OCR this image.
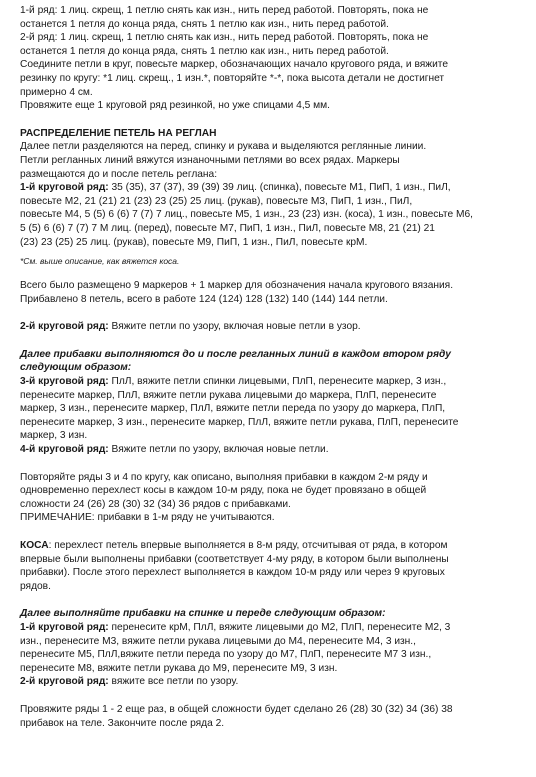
1-й ряд: 1 лиц. скрещ, 1 петлю снять как изн., нить перед работой. Повторять, пока не
останется 1 петля до конца ряда, снять 1 петлю как изн., нить перед работой.
2-й ряд: 1 лиц. скрещ, 1 петлю снять как изн., нить перед работой. Повторять, пока не
останется 1 петля до конца ряда, снять 1 петлю как изн., нить перед работой.
Соедините петли в круг, повесьте маркер, обозначающих начало кругового ряда, и вяжите
резинку по кругу: *1 лиц. скрещ., 1 изн.*, повторяйте *-*, пока высота детали не достигнет
примерно 4 см.
Провяжите еще 1 круговой ряд резинкой, но уже спицами 4,5 мм.
РАСПРЕДЕЛЕНИЕ ПЕТЕЛЬ НА РЕГЛАН
Далее петли разделяются на перед, спинку и рукава и выделяются реглянные линии.
Петли регланных линий вяжутся изнаночными петлями во всех рядах. Маркеры
размещаются до и после петель реглана:
1-й круговой ряд: 35 (35), 37 (37), 39 (39) 39 лиц. (спинка), повесьте М1, ПиП, 1 изн., ПиЛ,
повесьте М2, 21 (21) 21 (23) 23 (25) 25 лиц. (рукав), повесьте М3, ПиП, 1 изн., ПиЛ,
повесьте М4, 5 (5) 6 (6) 7 (7) 7 лиц., повесьте М5, 1 изн., 23 (23) изн. (коса), 1 изн., повесьте М6,
5 (5) 6 (6) 7 (7) 7 М лиц. (перед), повесьте М7, ПиП, 1 изн., ПиЛ, повесьте М8, 21 (21) 21
(23) 23 (25) 25 лиц. (рукав), повесьте М9, ПиП, 1 изн., ПиЛ, повесьте крМ.
*См. выше описание, как вяжется коса.
Всего было размещено 9 маркеров + 1 маркер для обозначения начала кругового вязания.
Прибавлено 8 петель, всего в работе 124 (124) 128 (132) 140 (144) 144 петли.
2-й круговой ряд: Вяжите петли по узору, включая новые петли в узор.
Далее прибавки выполняются до и после регланных линий в каждом втором ряду
следующим образом:
3-й круговой ряд: ПлЛ, вяжите петли спинки лицевыми, ПлП, перенесите маркер, 3 изн.,
перенесите маркер, ПлЛ, вяжите петли рукава лицевыми до маркера, ПлП, перенесите
маркер, 3 изн., перенесите маркер, ПлЛ, вяжите петли переда по узору до маркера, ПлП,
перенесите маркер, 3 изн., перенесите маркер, ПлЛ, вяжите петли рукава, ПлП, перенесите
маркер, 3 изн.
4-й круговой ряд: Вяжите петли по узору, включая новые петли.
Повторяйте ряды 3 и 4 по кругу, как описано, выполняя прибавки в каждом 2-м ряду и
одновременно перехлест косы в каждом 10-м ряду, пока не будет провязано в общей
сложности 24 (26) 28 (30) 32 (34) 36 рядов с прибавками.
ПРИМЕЧАНИЕ: прибавки в 1-м ряду не учитываются.
КОСА: перехлест петель впервые выполняется в 8-м ряду, отсчитывая от ряда, в котором
впервые были выполнены прибавки (соответствует 4-му ряду, в котором были выполнены
прибавки). После этого перехлест выполняется в каждом 10-м ряду или через 9 круговых
рядов.
Далее выполняйте прибавки на спинке и переде следующим образом:
1-й круговой ряд: перенесите крМ, ПлЛ, вяжите лицевыми до М2, ПлП, перенесите М2, 3
изн., перенесите М3, вяжите петли рукава лицевыми до М4, перенесите М4, 3 изн.,
перенесите М5, ПлЛ,вяжите петли переда по узору до М7, ПлП, перенесите М7 3 изн.,
перенесите М8, вяжите петли рукава до М9, перенесите М9, 3 изн.
2-й круговой ряд: вяжите все петли по узору.
Провяжите ряды 1 - 2 еще раз, в общей сложности будет сделано 26 (28) 30 (32) 34 (36) 38
прибавок на теле. Закончите после ряда 2.
